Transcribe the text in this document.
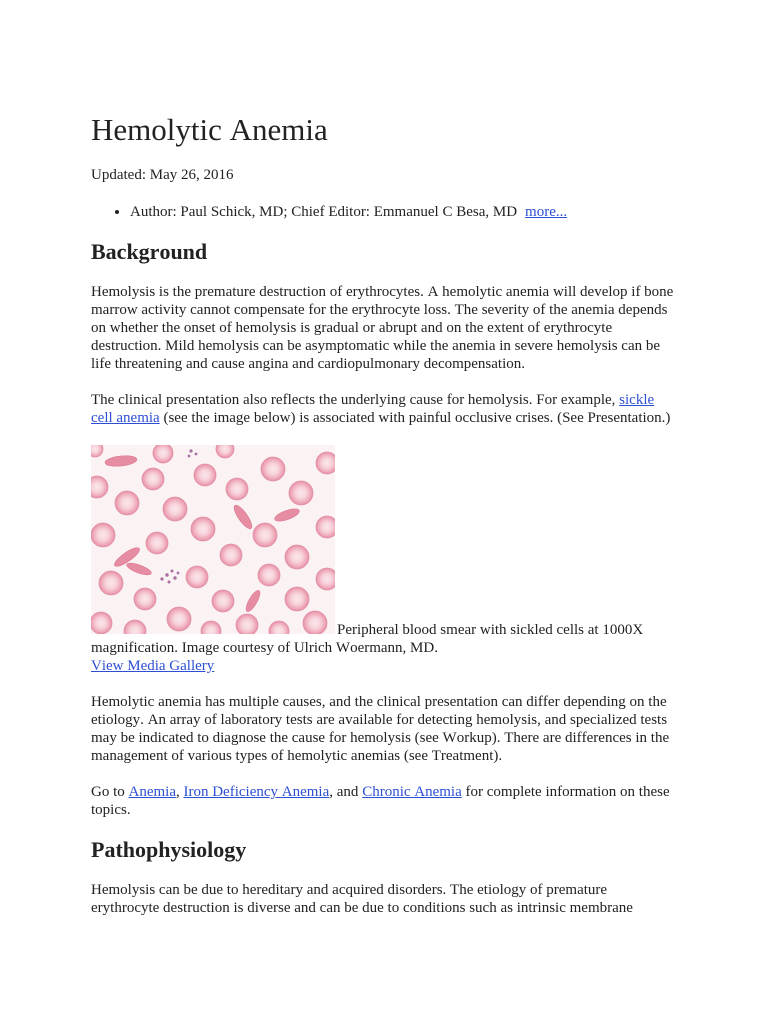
Hemolytic Anemia

Updated: May 26, 2016

• Author: Paul Schick, MD; Chief Editor: Emmanuel C Besa, MD more...
Background

Hemolysis is the premature destruction of erythrocytes. A hemolytic anemia will develop if bone marrow activity cannot compensate for the erythrocyte loss. The severity of the anemia depends on whether the onset of hemolysis is gradual or abrupt and on the extent of erythrocyte destruction. Mild hemolysis can be asymptomatic while the anemia in severe hemolysis can be life threatening and cause angina and cardiopulmonary decompensation.

The clinical presentation also reflects the underlying cause for hemolysis. For example, sickle cell anemia (see the image below) is associated with painful occlusive crises. (See Presentation.)

Peripheral blood smear with sickled cells at 1000X magnification. Image courtesy of Ulrich Woermann, MD.
View Media Gallery

Hemolytic anemia has multiple causes, and the clinical presentation can differ depending on the etiology. An array of laboratory tests are available for detecting hemolysis, and specialized tests may be indicated to diagnose the cause for hemolysis (see Workup). There are differences in the management of various types of hemolytic anemias (see Treatment).

Go to Anemia, Iron Deficiency Anemia, and Chronic Anemia for complete information on these topics.

Pathophysiology

Hemolysis can be due to hereditary and acquired disorders. The etiology of premature erythrocyte destruction is diverse and can be due to conditions such as intrinsic membrane
